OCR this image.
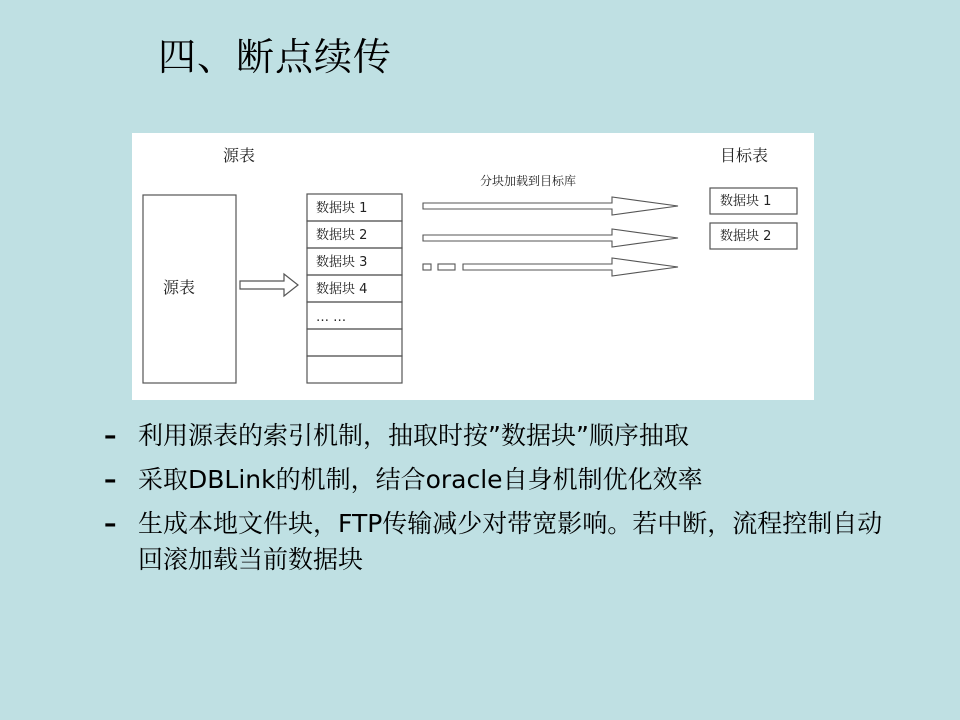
四、断点续传
源表	目标表
源表
数据块 1
数据块 2
数据块 3
数据块 4
… …
分块加载到目标库
数据块 1
数据块 2
– 利用源表的索引机制，抽取时按”数据块”顺序抽取
– 采取DBLink的机制，结合oracle自身机制优化效率
– 生成本地文件块，FTP传输减少对带宽影响。若中断，流程控制自动回滚加载当前数据块
